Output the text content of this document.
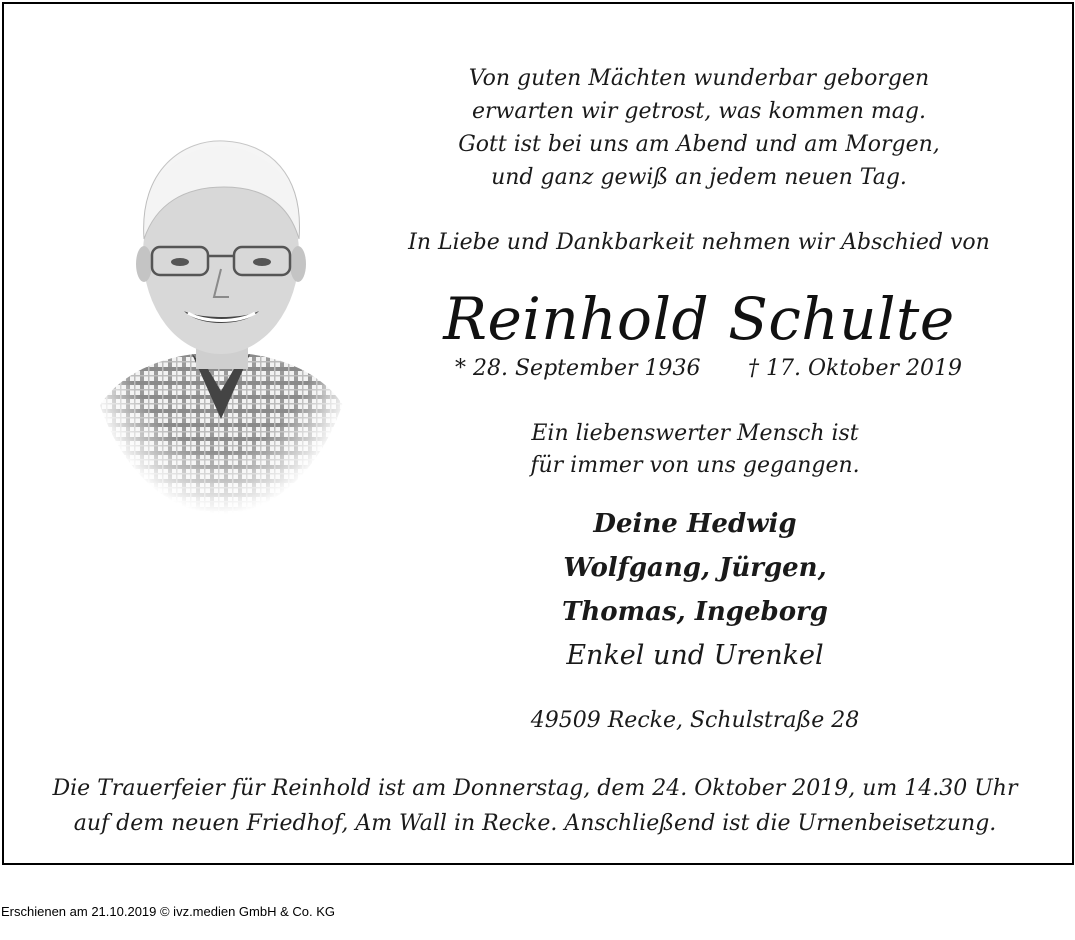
Von guten Mächten wunderbar geborgen
erwarten wir getrost, was kommen mag.
Gott ist bei uns am Abend und am Morgen,
und ganz gewiß an jedem neuen Tag.
In Liebe und Dankbarkeit nehmen wir Abschied von
Reinhold Schulte
* 28. September 1936 † 17. Oktober 2019
Ein liebenswerter Mensch ist
für immer von uns gegangen.
Deine Hedwig
Wolfgang, Jürgen,
Thomas, Ingeborg
Enkel und Urenkel
49509 Recke, Schulstraße 28
Die Trauerfeier für Reinhold ist am Donnerstag, dem 24. Oktober 2019, um 14.30 Uhr
auf dem neuen Friedhof, Am Wall in Recke. Anschließend ist die Urnenbeisetzung.
Erschienen am 21.10.2019 © ivz.medien GmbH & Co. KG
